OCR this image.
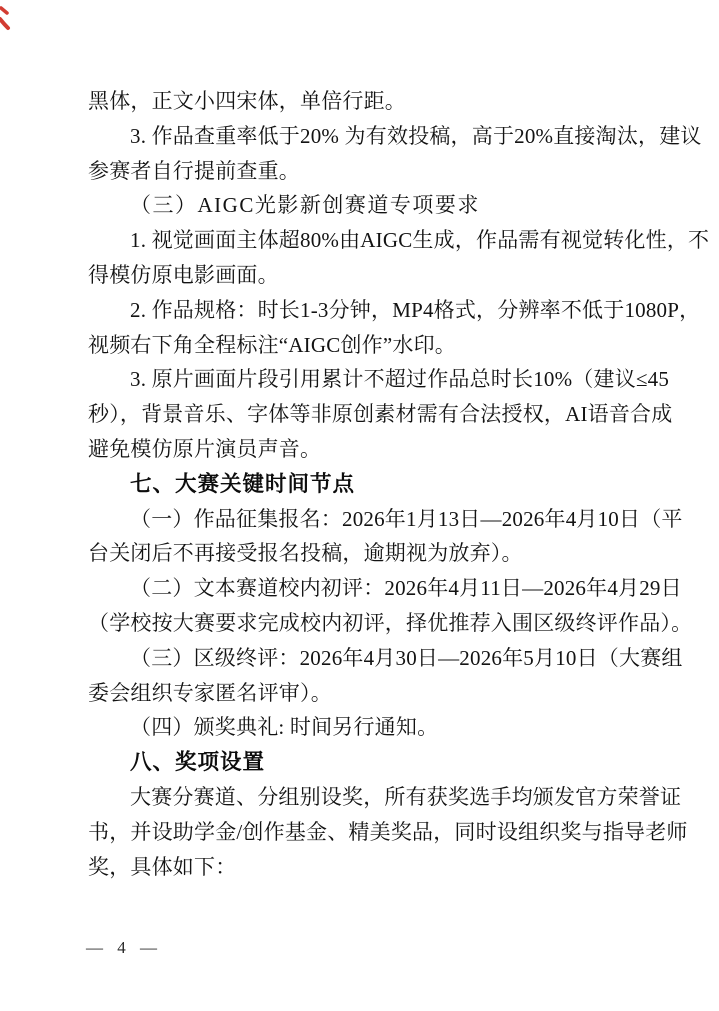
黑体，正文小四宋体，单倍行距。
3. 作品查重率低于20% 为有效投稿，高于20%直接淘汰，建议
参赛者自行提前查重。
（三）AIGC光影新创赛道专项要求
1. 视觉画面主体超80%由AIGC生成，作品需有视觉转化性，不
得模仿原电影画面。
2. 作品规格：时长1-3分钟，MP4格式，分辨率不低于1080P，
视频右下角全程标注“AIGC创作”水印。
3. 原片画面片段引用累计不超过作品总时长10%（建议≤45
秒），背景音乐、字体等非原创素材需有合法授权，AI语音合成
避免模仿原片演员声音。
七、大赛关键时间节点
（一）作品征集报名：2026年1月13日—2026年4月10日（平
台关闭后不再接受报名投稿，逾期视为放弃）。
（二）文本赛道校内初评：2026年4月11日—2026年4月29日
（学校按大赛要求完成校内初评，择优推荐入围区级终评作品）。
（三）区级终评：2026年4月30日—2026年5月10日（大赛组
委会组织专家匿名评审）。
（四）颁奖典礼: 时间另行通知。
八、奖项设置
大赛分赛道、分组别设奖，所有获奖选手均颁发官方荣誉证
书，并设助学金/创作基金、精美奖品，同时设组织奖与指导老师
奖，具体如下：
— 4 —
